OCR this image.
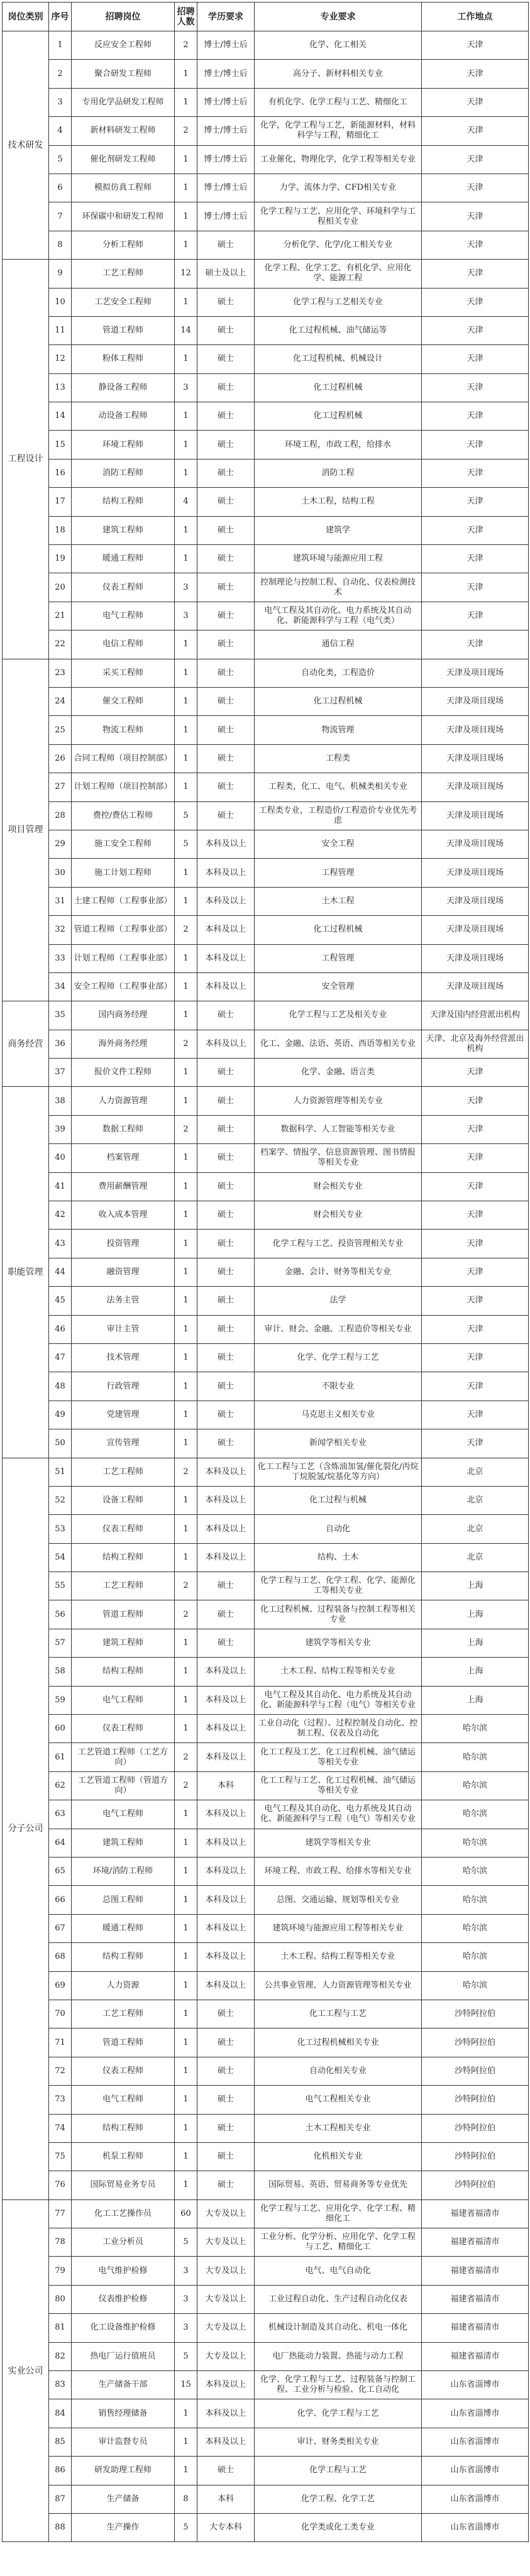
岗位类别	序号	招聘岗位	招聘人数	学历要求	专业要求	工作地点
技术研发	1	反应安全工程师	2	博士/博士后	化学、化工相关	天津
	2	聚合研发工程师	1	博士/博士后	高分子、新材料相关专业	天津
	3	专用化学品研发工程师	1	博士/博士后	有机化学、化学工程与工艺、精细化工	天津
	4	新材料研发工程师	2	博士/博士后	化学，化学工程与工艺，新能源材料，材料科学与工程，精细化工	天津
	5	催化剂研发工程师	1	博士/博士后	工业催化，物理化学，化学工程等相关专业	天津
	6	模拟仿真工程师	1	博士/博士后	力学、流体力学、CFD相关专业	天津
	7	环保碳中和研发工程师	1	博士/博士后	化学工程与工艺、应用化学、环境科学与工程相关专业	天津
	8	分析工程师	1	硕士	分析化学、化学/化工相关专业	天津
工程设计	9	工艺工程师	12	硕士及以上	化学工程、化学工艺、有机化学、应用化学、能源工程	天津
	10	工艺安全工程师	1	硕士	化学工程与工艺相关专业	天津
	11	管道工程师	14	硕士	化工过程机械、油气储运等	天津
	12	粉体工程师	1	硕士	化工过程机械、机械设计	天津
	13	静设备工程师	3	硕士	化工过程机械	天津
	14	动设备工程师	1	硕士	化工过程机械	天津
	15	环境工程师	1	硕士	环境工程，市政工程，给排水	天津
	16	消防工程师	1	硕士	消防工程	天津
	17	结构工程师	4	硕士	土木工程，结构工程	天津
	18	建筑工程师	1	硕士	建筑学	天津
	19	暖通工程师	1	硕士	建筑环境与能源应用工程	天津
	20	仪表工程师	3	硕士	控制理论与控制工程、自动化、仪表检测技术	天津
	21	电气工程师	3	硕士	电气工程及其自动化、电力系统及其自动化、新能源科学与工程（电气类）	天津
	22	电信工程师	1	硕士	通信工程	天津
项目管理	23	采买工程师	1	硕士	自动化类，工程造价	天津及项目现场
	24	催交工程师	1	硕士	化工过程机械	天津及项目现场
	25	物流工程师	1	硕士	物流管理	天津及项目现场
	26	合同工程师（项目控制部）	1	硕士	工程类	天津及项目现场
	27	计划工程师（项目控制部）	1	硕士	工程类，化工、电气、机械类相关专业	天津及项目现场
	28	费控/费估工程师	5	硕士	工程类专业，工程造价/工程造价专业优先考虑	天津及项目现场
	29	施工安全工程师	5	本科及以上	安全工程	天津及项目现场
	30	施工计划工程师	1	本科及以上	工程管理	天津及项目现场
	31	土建工程师（工程事业部）	1	本科及以上	土木工程	天津及项目现场
	32	管道工程师（工程事业部）	2	本科及以上	化工过程机械	天津及项目现场
	33	计划工程师（工程事业部）	1	本科及以上	工程管理	天津及项目现场
	34	安全工程师（工程事业部）	1	本科及以上	安全管理	天津及项目现场
商务经营	35	国内商务经理	1	硕士	化学工程与工艺及相关专业	天津及国内经营派出机构
	36	海外商务经理	2	本科及以上	化工、金融、法语、英语、西语等相关专业	天津、北京及海外经营派出机构
	37	报价文件工程师	1	硕士	化学、金融、语言类	天津
职能管理	38	人力资源管理	1	硕士	人力资源管理等相关专业	天津
	39	数据工程师	2	硕士	数据科学、人工智能等相关专业	天津
	40	档案管理	1	硕士	档案学、情报学、信息资源管理、图书情报等相关专业	天津
	41	费用薪酬管理	1	硕士	财会相关专业	天津
	42	收入成本管理	1	硕士	财会相关专业	天津
	43	投资管理	1	硕士	化学工程与工艺、投资管理相关专业	天津
	44	融资管理	1	硕士	金融、会计、财务等相关专业	天津
	45	法务主管	1	硕士	法学	天津
	46	审计主管	1	硕士	审计、财会、金融、工程造价等相关专业	天津
	47	技术管理	1	硕士	化学、化学工程与工艺	天津
	48	行政管理	1	硕士	不限专业	天津
	49	党建管理	1	硕士	马克思主义相关专业	天津
	50	宣传管理	1	硕士	新闻学相关专业	天津
分子公司	51	工艺工程师	2	本科及以上	化工工程与工艺（含炼油加氢/催化裂化/丙烷丁烷脱氢/烷基化等方向）	北京
	52	设备工程师	1	本科及以上	化工过程与机械	北京
	53	仪表工程师	1	本科及以上	自动化	北京
	54	结构工程师	1	本科及以上	结构、土木	北京
	55	工艺工程师	2	硕士	化学工程与工艺、化学工程、化学、能源化工等相关专业	上海
	56	管道工程师	2	硕士	化工过程机械、过程装备与控制工程等相关专业	上海
	57	建筑工程师	1	硕士	建筑学等相关专业	上海
	58	结构工程师	1	本科及以上	土木工程、结构工程等相关专业	上海
	59	电气工程师	1	本科及以上	电气工程及其自动化、电力系统及其自动化、新能源科学与工程（电气）等相关专业	上海
	60	仪表工程师	1	本科及以上	工业自动化（过程）、过程控制及自动化、控制工程、仪表及自动化	哈尔滨
	61	工艺管道工程师（工艺方向）	2	本科及以上	化工工程及工艺、化工过程机械、油气储运等相关专业	哈尔滨
	62	工艺管道工程师（管道方向）	2	本科	化工工程与工艺、化工过程机械、油气储运等相关专业	哈尔滨
	63	电气工程师	1	本科及以上	电气工程及其自动化、电力系统及其自动化、新能源科学与工程（电气）等相关专业	哈尔滨
	64	建筑工程师	1	本科及以上	建筑学等相关专业	哈尔滨
	65	环境/消防工程师	1	本科及以上	环境工程、市政工程、给排水等相关专业	哈尔滨
	66	总图工程师	1	本科及以上	总图、交通运输、规划等相关专业	哈尔滨
	67	暖通工程师	1	本科及以上	建筑环境与能源应用工程等相关专业	哈尔滨
	68	结构工程师	1	本科及以上	土木工程、结构工程等相关专业	哈尔滨
	69	人力资源	1	本科及以上	公共事业管理、人力资源管理等相关专业	哈尔滨
	70	工艺工程师	1	硕士	化工工程与工艺	沙特阿拉伯
	71	管道工程师	1	硕士	化工过程机械相关专业	沙特阿拉伯
	72	仪表工程师	1	硕士	自动化相关专业	沙特阿拉伯
	73	电气工程师	1	硕士	电气工程相关专业	沙特阿拉伯
	74	结构工程师	1	硕士	土木工程相关专业	沙特阿拉伯
	75	机泵工程师	1	硕士	化机相关专业	沙特阿拉伯
	76	国际贸易业务专员	1	硕士	国际贸易、英语、贸易商务等专业优先	沙特阿拉伯
实业公司	77	化工工艺操作员	60	大专及以上	化学工程与工艺、应用化学、化学工程、精细化工	福建省福清市
	78	工业分析员	5	大专及以上	工业分析、化学分析、应用化学、化学工程与工艺、精细化工	福建省福清市
	79	电气维护检修	3	大专及以上	电气、电气自动化	福建省福清市
	80	仪表维护检修	3	大专及以上	工业过程自动化、生产过程自动化仪表	福建省福清市
	81	化工设备维护检修	3	大专及以上	机械设计制造及其自动化、机电一体化	福建省福清市
	82	热电厂运行值班员	5	大专及以上	电厂热能动力装置、热能与动力工程	福建省福清市
	83	生产储备干部	15	本科及以上	化学、化学工程与工艺、过程装备与控制工程、工业分析与检验、化工自动化	山东省淄博市
	84	销售经理储备	1	本科及以上	化学、化学工程与工艺	山东省淄博市
	85	审计监督专员	1	本科及以上	审计、财务类相关专业	山东省淄博市
	86	研发助理工程师	1	硕士	化学工程与工艺	山东省淄博市
	87	生产储备	8	本科	化学工程、化学工艺	山东省淄博市
	88	生产操作	5	大专本科	化学类或化工类专业	山东省淄博市
